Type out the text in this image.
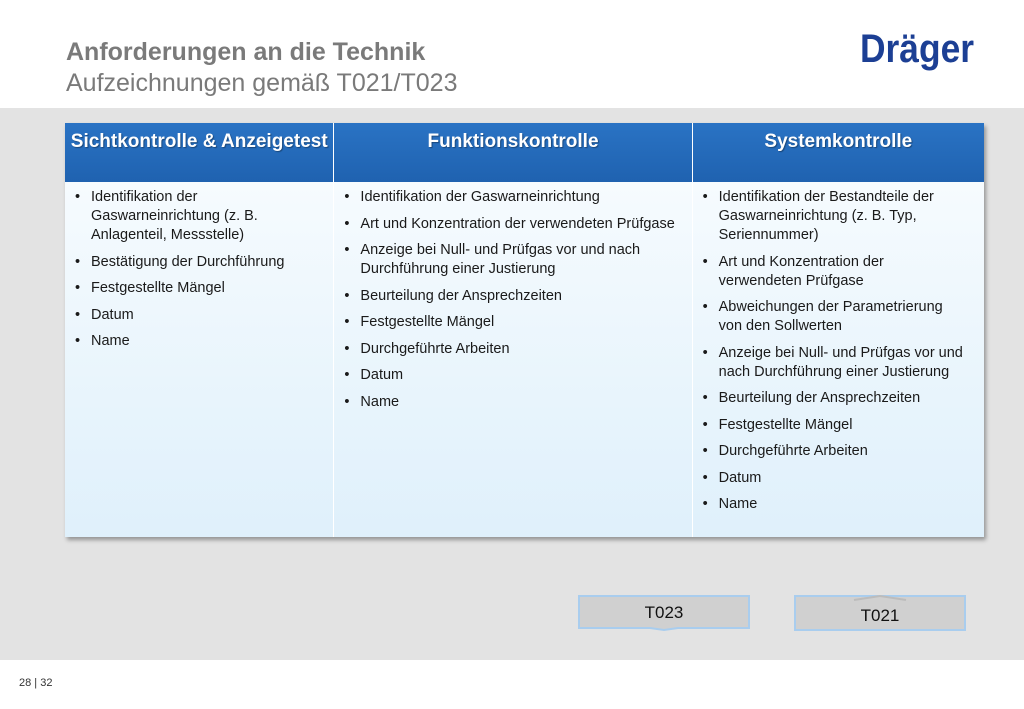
Anforderungen an die Technik
Aufzeichnungen gemäß T021/T023
Dräger
Sichtkontrolle & Anzeigetest
• Identifikation der Gaswarneinrichtung (z. B. Anlagenteil, Messstelle)
• Bestätigung der Durchführung
• Festgestellte Mängel
• Datum
• Name
Funktionskontrolle
• Identifikation der Gaswarneinrichtung
• Art und Konzentration der verwendeten Prüfgase
• Anzeige bei Null- und Prüfgas vor und nach Durchführung einer Justierung
• Beurteilung der Ansprechzeiten
• Festgestellte Mängel
• Durchgeführte Arbeiten
• Datum
• Name
Systemkontrolle
• Identifikation der Bestandteile der Gaswarneinrichtung (z. B. Typ, Seriennummer)
• Art und Konzentration der verwendeten Prüfgase
• Abweichungen der Parametrierung von den Sollwerten
• Anzeige bei Null- und Prüfgas vor und nach Durchführung einer Justierung
• Beurteilung der Ansprechzeiten
• Festgestellte Mängel
• Durchgeführte Arbeiten
• Datum
• Name
T023	T021
28 | 32
